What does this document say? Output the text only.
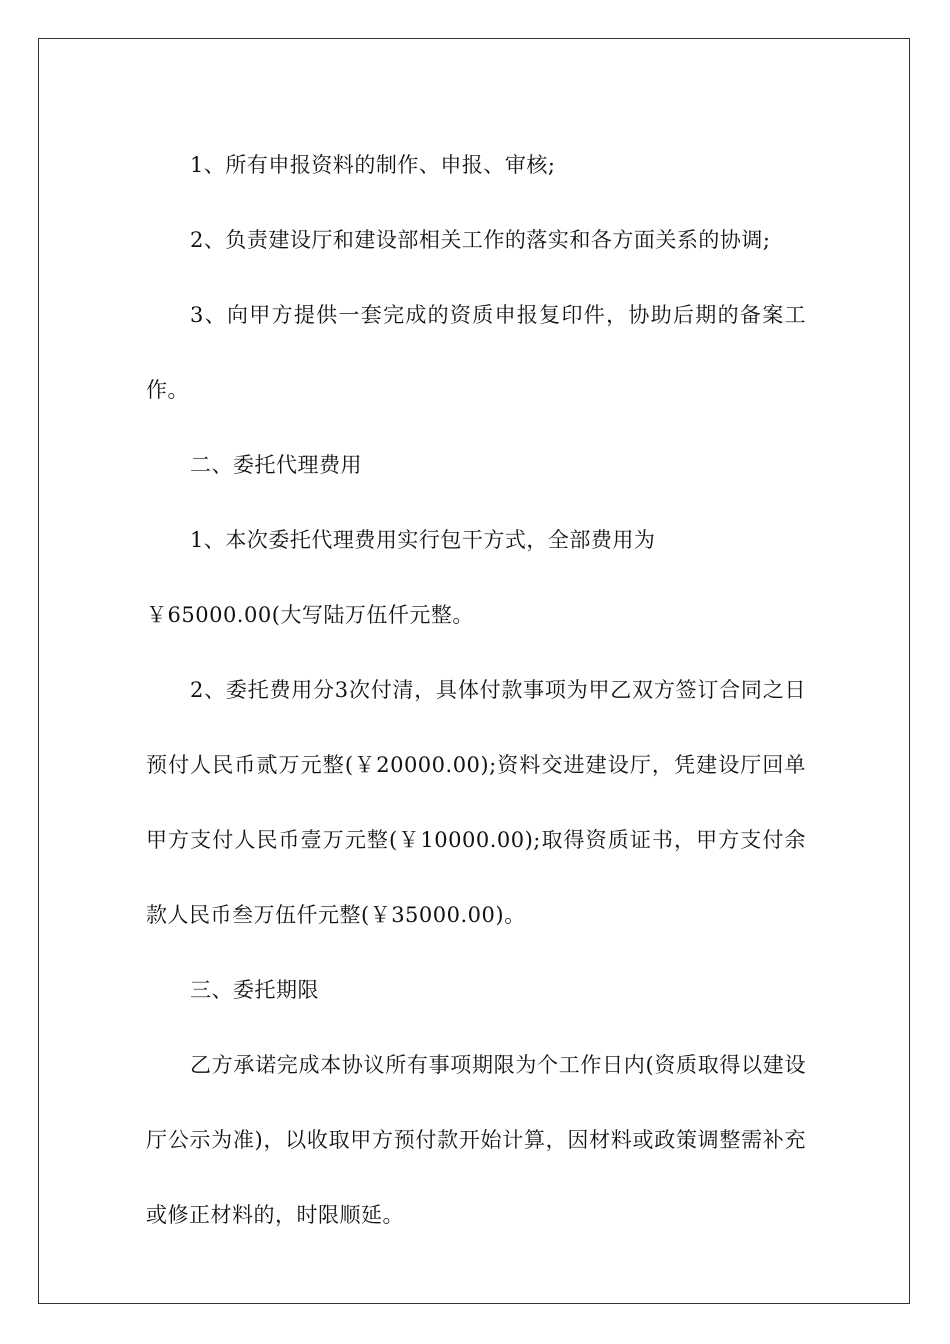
1、所有申报资料的制作、申报、审核;

2、负责建设厅和建设部相关工作的落实和各方面关系的协调;

3、向甲方提供一套完成的资质申报复印件，协助后期的备案工作。

二、委托代理费用

1、本次委托代理费用实行包干方式，全部费用为

￥65000.00(大写陆万伍仟元整。

2、委托费用分3次付清，具体付款事项为甲乙双方签订合同之日预付人民币贰万元整(￥20000.00);资料交进建设厅，凭建设厅回单甲方支付人民币壹万元整(￥10000.00);取得资质证书，甲方支付余款人民币叁万伍仟元整(￥35000.00)。

三、委托期限

乙方承诺完成本协议所有事项期限为个工作日内(资质取得以建设厅公示为准)，以收取甲方预付款开始计算，因材料或政策调整需补充或修正材料的，时限顺延。
